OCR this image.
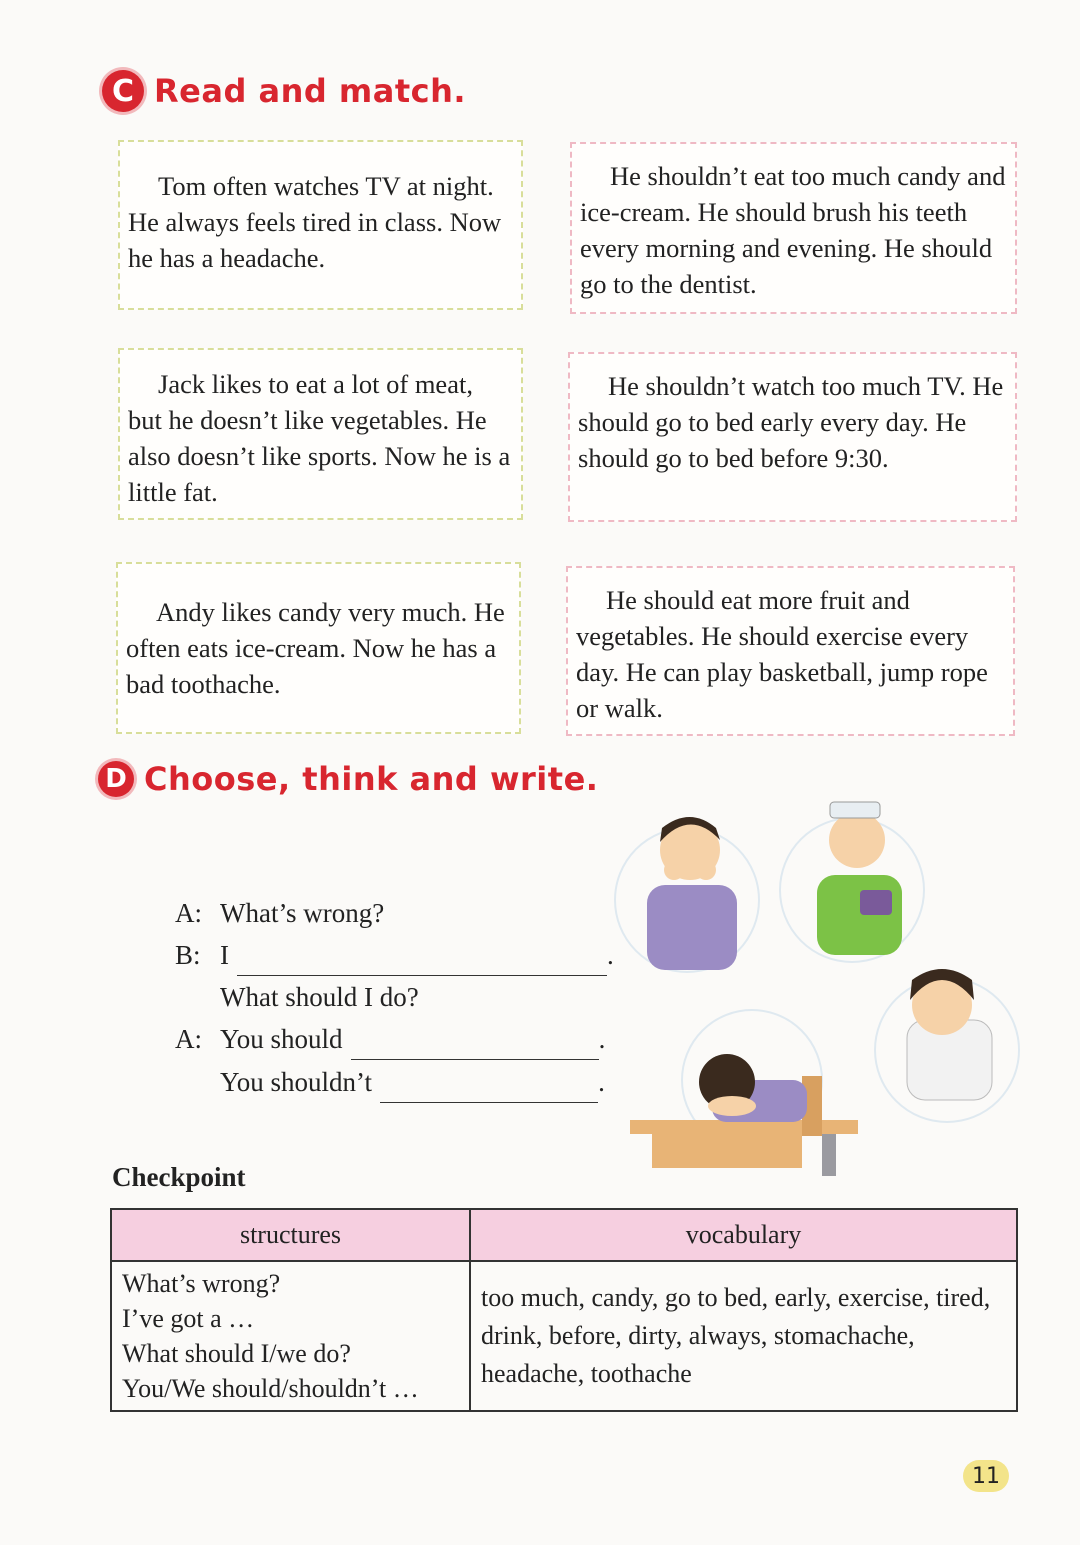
C Read and match.
Tom often watches TV at night. He always feels tired in class. Now he has a headache.
Jack likes to eat a lot of meat, but he doesn’t like vegetables. He also doesn’t like sports. Now he is a little fat.
Andy likes candy very much. He often eats ice-cream. Now he has a bad toothache.
He shouldn’t eat too much candy and ice-cream. He should brush his teeth every morning and evening. He should go to the dentist.
He shouldn’t watch too much TV. He should go to bed early every day. He should go to bed before 9:30.
He should eat more fruit and vegetables. He should exercise every day. He can play basketball, jump rope or walk.
D Choose, think and write.
A: What’s wrong?
B: I	.
What should I do?
A: You should	.
You shouldn’t	.
Checkpoint
structures	vocabulary

What’s wrong?
I’ve got a …
What should I/we do?
You/We should/shouldn’t …	too much, candy, go to bed, early, exercise, tired, drink, before, dirty, always, stomachache, headache, toothache
11
